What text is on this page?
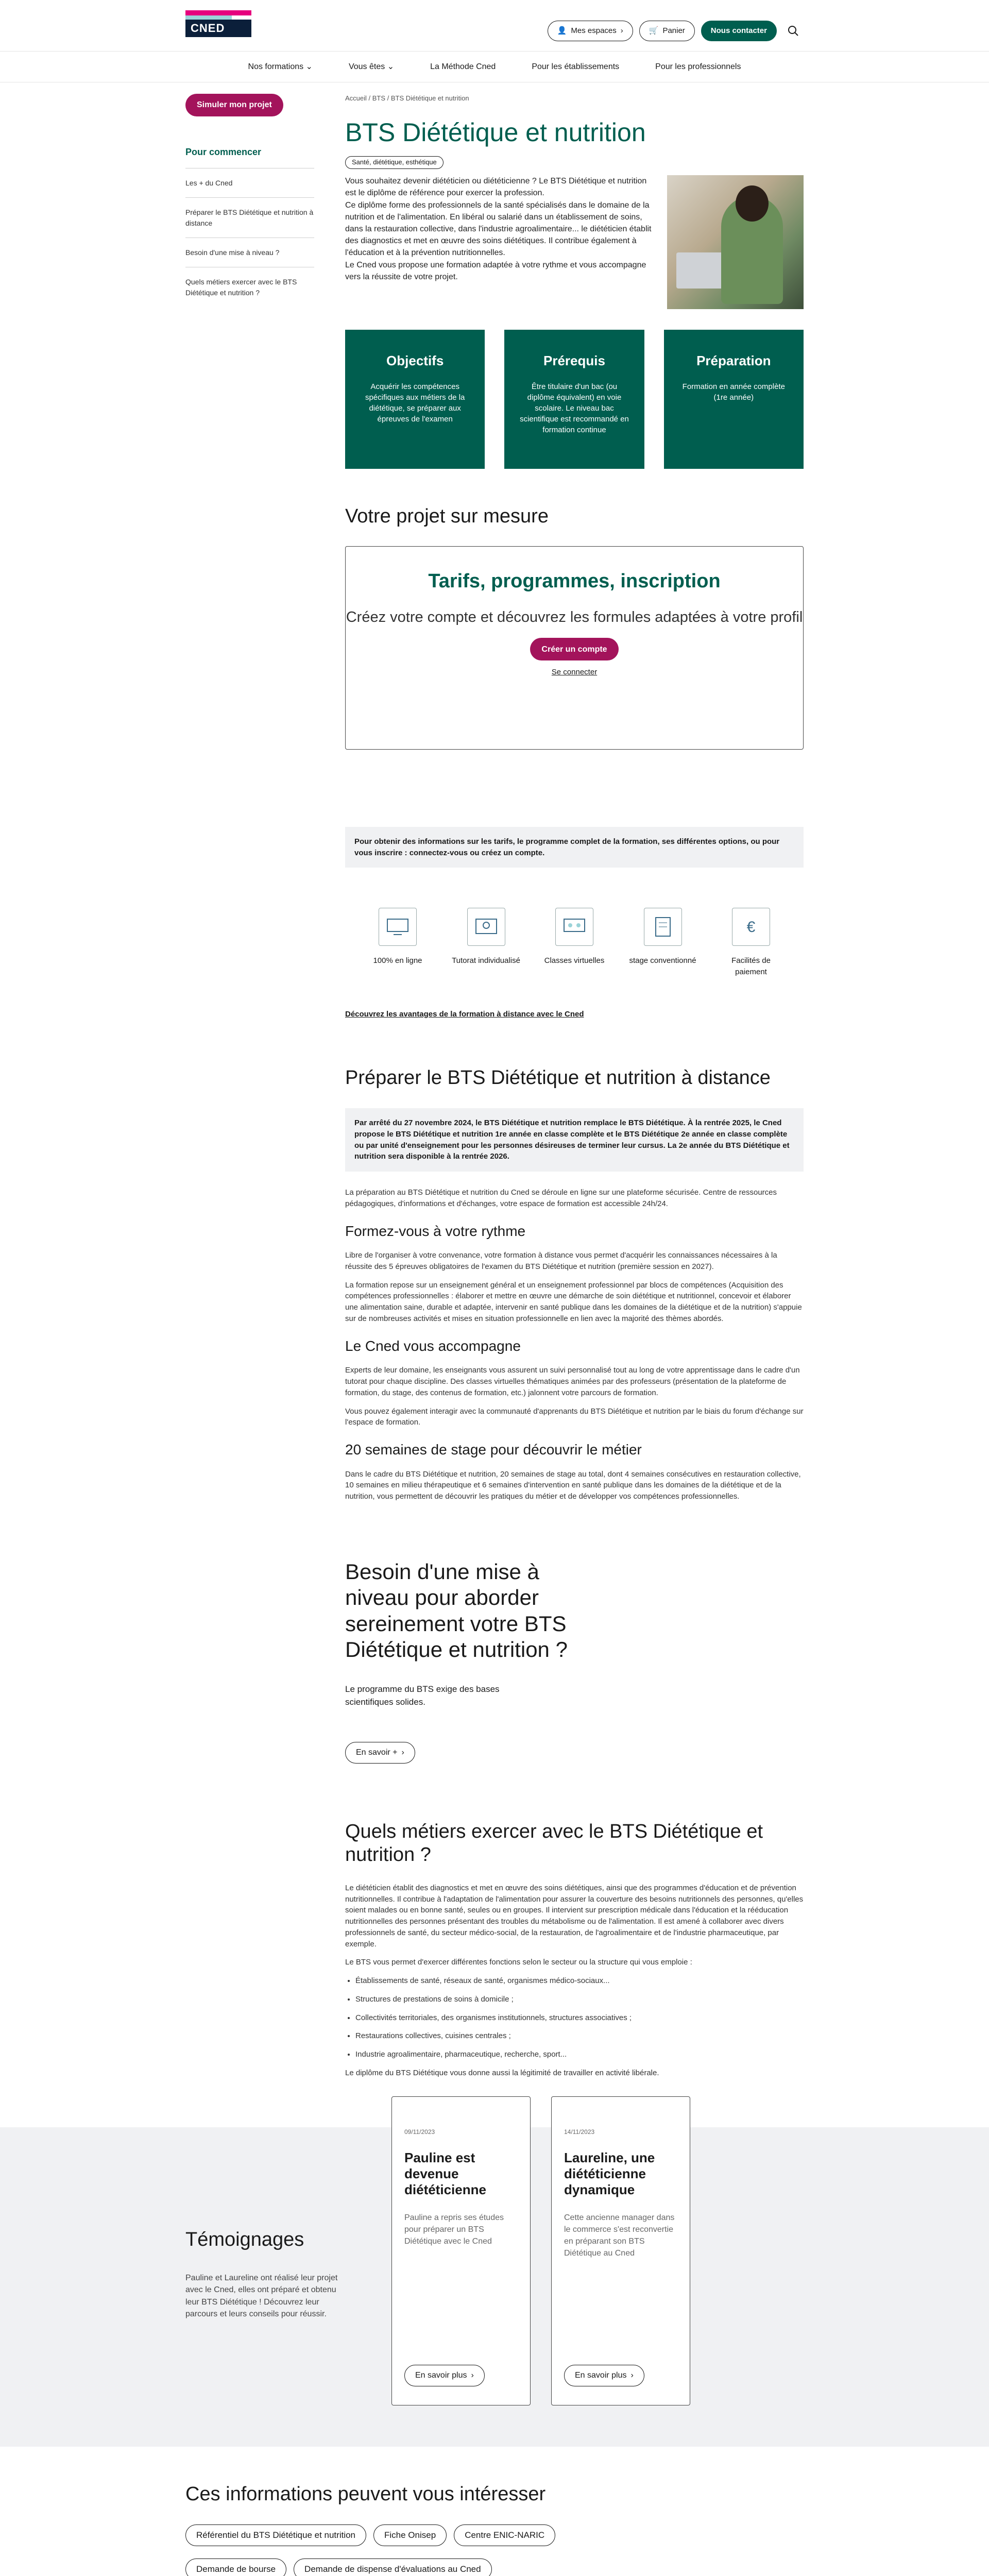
CNED	👤 Mes espaces ›	🛒 Panier	Nous contacter
Nos formations ⌄	Vous êtes ⌄	La Méthode Cned	Pour les établissements	Pour les professionnels
Simuler mon projet
Pour commencer
Les + du Cned
Préparer le BTS Diététique et nutrition à distance
Besoin d'une mise à niveau ?
Quels métiers exercer avec le BTS Diététique et nutrition ?
Accueil / BTS / BTS Diététique et nutrition
BTS Diététique et nutrition
Santé, diététique, esthétique

Vous souhaitez devenir diététicien ou diététicienne ? Le BTS Diététique et nutrition est le diplôme de référence pour exercer la profession.

Ce diplôme forme des professionnels de la santé spécialisés dans le domaine de la nutrition et de l'alimentation. En libéral ou salarié dans un établissement de soins, dans la restauration collective, dans l'industrie agroalimentaire... le diététicien établit des diagnostics et met en œuvre des soins diététiques. Il contribue également à l'éducation et à la prévention nutritionnelles.

Le Cned vous propose une formation adaptée à votre rythme et vous accompagne vers la réussite de votre projet.

Objectifs

Acquérir les compétences spécifiques aux métiers de la diététique, se préparer aux épreuves de l'examen

Prérequis

Être titulaire d'un bac (ou diplôme équivalent) en voie scolaire. Le niveau bac scientifique est recommandé en formation continue

Préparation

Formation en année complète (1re année)

Votre projet sur mesure
Tarifs, programmes, inscription
Créez votre compte et découvrez les formules adaptées à votre profil
Créer un compte
Se connecter
Pour obtenir des informations sur les tarifs, le programme complet de la formation, ses différentes options, ou pour vous inscrire : connectez-vous ou créez un compte.
100% en ligne	Tutorat individualisé	Classes virtuelles	stage conventionné
€
Facilités de paiement
Découvrez les avantages de la formation à distance avec le Cned
Préparer le BTS Diététique et nutrition à distance
Par arrêté du 27 novembre 2024, le BTS Diététique et nutrition remplace le BTS Diététique. À la rentrée 2025, le Cned propose le BTS Diététique et nutrition 1re année en classe complète et le BTS Diététique 2e année en classe complète ou par unité d'enseignement pour les personnes désireuses de terminer leur cursus. La 2e année du BTS Diététique et nutrition sera disponible à la rentrée 2026.

La préparation au BTS Diététique et nutrition du Cned se déroule en ligne sur une plateforme sécurisée. Centre de ressources pédagogiques, d'informations et d'échanges, votre espace de formation est accessible 24h/24.

Formez-vous à votre rythme

Libre de l'organiser à votre convenance, votre formation à distance vous permet d'acquérir les connaissances nécessaires à la réussite des 5 épreuves obligatoires de l'examen du BTS Diététique et nutrition (première session en 2027).

La formation repose sur un enseignement général et un enseignement professionnel par blocs de compétences (Acquisition des compétences professionnelles : élaborer et mettre en œuvre une démarche de soin diététique et nutritionnel, concevoir et élaborer une alimentation saine, durable et adaptée, intervenir en santé publique dans les domaines de la diététique et de la nutrition) s'appuie sur de nombreuses activités et mises en situation professionnelle en lien avec la majorité des thèmes abordés.

Le Cned vous accompagne

Experts de leur domaine, les enseignants vous assurent un suivi personnalisé tout au long de votre apprentissage dans le cadre d'un tutorat pour chaque discipline. Des classes virtuelles thématiques animées par des professeurs (présentation de la plateforme de formation, du stage, des contenus de formation, etc.) jalonnent votre parcours de formation.

Vous pouvez également interagir avec la communauté d'apprenants du BTS Diététique et nutrition par le biais du forum d'échange sur l'espace de formation.

20 semaines de stage pour découvrir le métier

Dans le cadre du BTS Diététique et nutrition, 20 semaines de stage au total, dont 4 semaines consécutives en restauration collective, 10 semaines en milieu thérapeutique et 6 semaines d'intervention en santé publique dans les domaines de la diététique et de la nutrition, vous permettent de découvrir les pratiques du métier et de développer vos compétences professionnelles.

Besoin d'une mise à niveau pour aborder sereinement votre BTS Diététique et nutrition ?

Le programme du BTS exige des bases scientifiques solides.

En savoir + ›
Quels métiers exercer avec le BTS Diététique et nutrition ?

Le diététicien établit des diagnostics et met en œuvre des soins diététiques, ainsi que des programmes d'éducation et de prévention nutritionnelles. Il contribue à l'adaptation de l'alimentation pour assurer la couverture des besoins nutritionnels des personnes, qu'elles soient malades ou en bonne santé, seules ou en groupes. Il intervient sur prescription médicale dans l'éducation et la rééducation nutritionnelles des personnes présentant des troubles du métabolisme ou de l'alimentation. Il est amené à collaborer avec divers professionnels de santé, du secteur médico-social, de la restauration, de l'agroalimentaire et de l'industrie pharmaceutique, par exemple.

Le BTS vous permet d'exercer différentes fonctions selon le secteur ou la structure qui vous emploie :

• Établissements de santé, réseaux de santé, organismes médico-sociaux...
• Structures de prestations de soins à domicile ;
• Collectivités territoriales, des organismes institutionnels, structures associatives ;
• Restaurations collectives, cuisines centrales ;
• Industrie agroalimentaire, pharmaceutique, recherche, sport...

Le diplôme du BTS Diététique vous donne aussi la légitimité de travailler en activité libérale.

Témoignages

Pauline et Laureline ont réalisé leur projet avec le Cned, elles ont préparé et obtenu leur BTS Diététique ! Découvrez leur parcours et leurs conseils pour réussir.

09/11/2023
Pauline est devenue diététicienne

Pauline a repris ses études pour préparer un BTS Diététique avec le Cned

En savoir plus ›
14/11/2023
Laureline, une diététicienne dynamique

Cette ancienne manager dans le commerce s'est reconvertie en préparant son BTS Diététique au Cned

En savoir plus ›
Ces informations peuvent vous intéresser
Référentiel du BTS Diététique et nutrition	Fiche Onisep	Centre ENIC-NARIC
Demande de bourse	Demande de dispense d'évaluations au Cned
